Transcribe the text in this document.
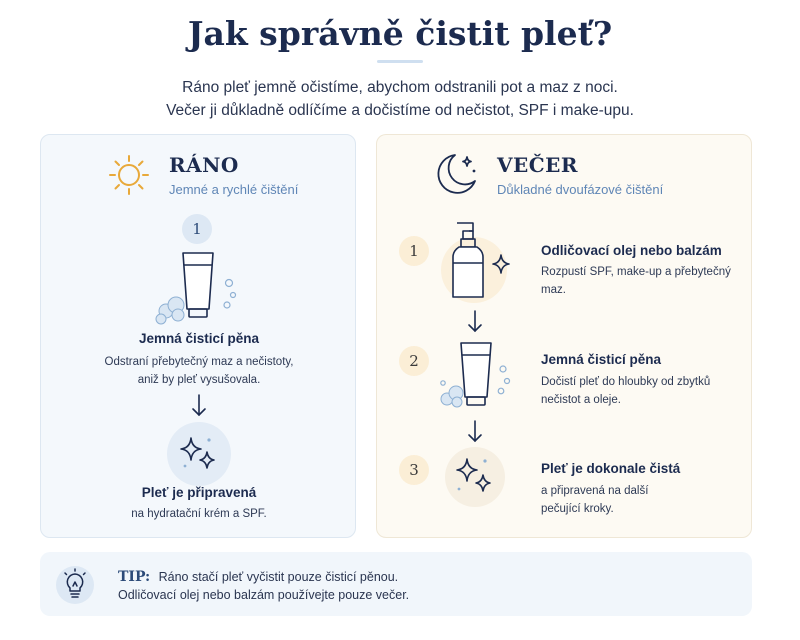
Jak správně čistit pleť?
Ráno pleť jemně očistíme, abychom odstranili pot a maz z noci.
Večer ji důkladně odlíčíme a dočistíme od nečistot, SPF i make-upu.
RÁNO
Jemné a rychlé čištění
1
Jemná čisticí pěna
Odstraní přebytečný maz a nečistoty,
aniž by pleť vysušovala.
Pleť je připravená
na hydratační krém a SPF.
VEČER
Důkladné dvoufázové čištění
1	Odličovací olej nebo balzám
Rozpustí SPF, make-up a přebytečný
maz.
2	Jemná čisticí pěna
Dočistí pleť do hloubky od zbytků
nečistot a oleje.
3	Pleť je dokonale čistá
a připravená na další
pečující kroky.
TIP: Ráno stačí pleť vyčistit pouze čisticí pěnou.
Odličovací olej nebo balzám používejte pouze večer.
